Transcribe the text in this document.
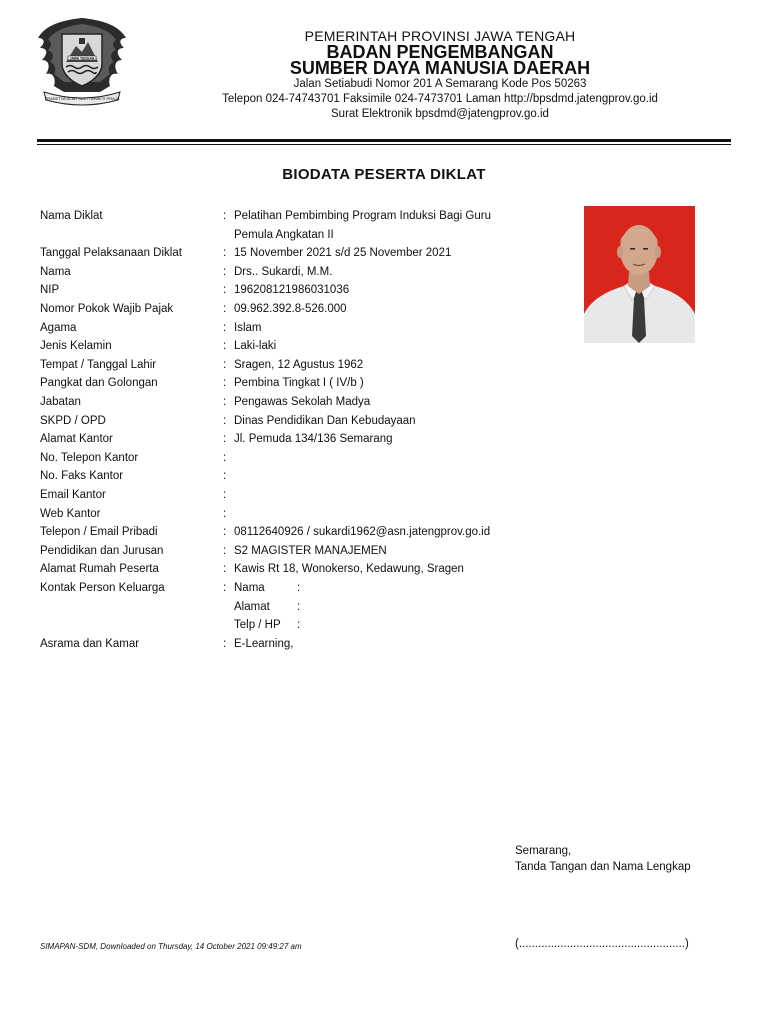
JAWA TENGAH
PRASETYA ULAH SAKTI BHAKTI PRAJA
PEMERINTAH PROVINSI JAWA TENGAH
BADAN PENGEMBANGAN
SUMBER DAYA MANUSIA DAERAH
Jalan Setiabudi Nomor 201 A Semarang Kode Pos 50263
Telepon 024-74743701 Faksimile 024-7473701 Laman http://bpsdmd.jatengprov.go.id
Surat Elektronik bpsdmd@jatengprov.go.id
BIODATA PESERTA DIKLAT
Nama Diklat	: Pelatihan Pembimbing Program Induksi Bagi Guru
Pemula Angkatan II
Tanggal Pelaksanaan Diklat	: 15 November 2021 s/d 25 November 2021
Nama	: Drs.. Sukardi, M.M.
NIP	: 196208121986031036
Nomor Pokok Wajib Pajak	: 09.962.392.8-526.000
Agama	: Islam
Jenis Kelamin	: Laki-laki
Tempat / Tanggal Lahir	: Sragen, 12 Agustus 1962
Pangkat dan Golongan	: Pembina Tingkat I ( IV/b )
Jabatan	: Pengawas Sekolah Madya
SKPD / OPD	: Dinas Pendidikan Dan Kebudayaan
Alamat Kantor	: Jl. Pemuda 134/136 Semarang
No. Telepon Kantor	:
No. Faks Kantor	:
Email Kantor	:
Web Kantor	:
Telepon / Email Pribadi	: 08112640926 / sukardi1962@asn.jatengprov.go.id
Pendidikan dan Jurusan	: S2 MAGISTER MANAJEMEN
Alamat Rumah Peserta	: Kawis Rt 18, Wonokerso, Kedawung, Sragen
Kontak Person Keluarga	: Nama	:
Alamat :
Telp / HP :
Asrama dan Kamar	: E-Learning,
Semarang,
Tanda Tangan dan Nama Lengkap
(....................................................)
SIMAPAN-SDM, Downloaded on Thursday, 14 October 2021 09:49:27 am
